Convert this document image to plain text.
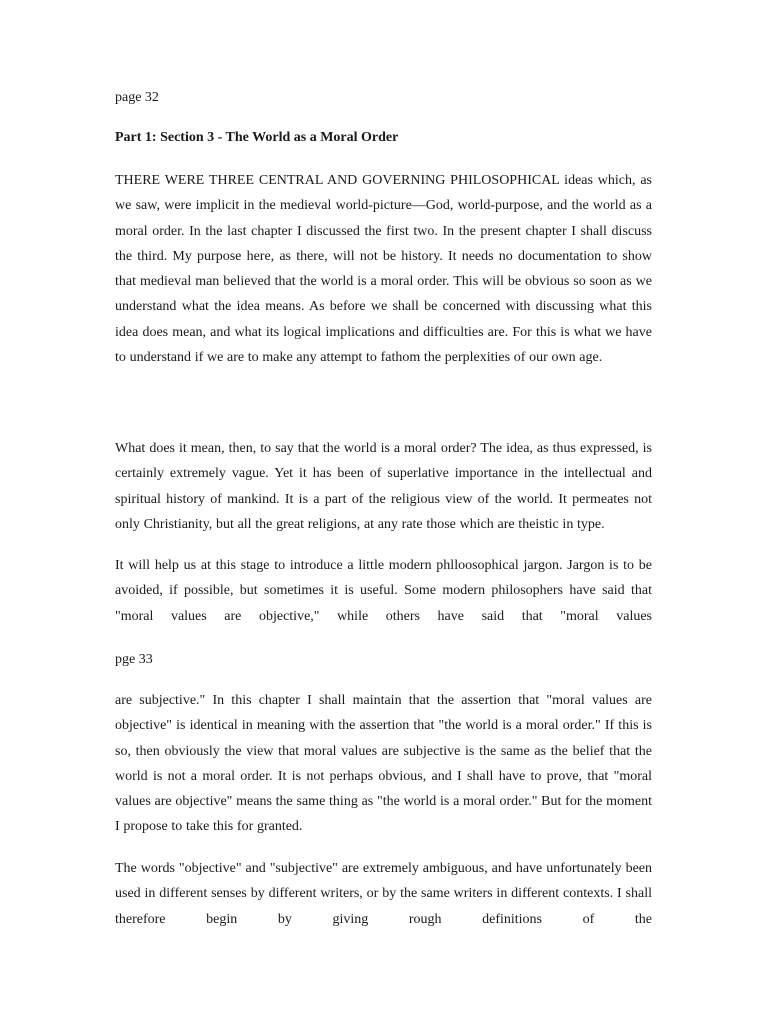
page 32

Part 1: Section 3 - The World as a Moral Order

THERE WERE THREE CENTRAL AND GOVERNING PHILOSOPHICAL ideas which, as we saw, were implicit in the medieval world-picture—God, world-purpose, and the world as a moral order. In the last chapter I discussed the first two. In the present chapter I shall discuss the third. My purpose here, as there, will not be history. It needs no documentation to show that medieval man believed that the world is a moral order. This will be obvious so soon as we understand what the idea means. As before we shall be concerned with discussing what this idea does mean, and what its logical implications and difficulties are. For this is what we have to understand if we are to make any attempt to fathom the perplexities of our own age.

What does it mean, then, to say that the world is a moral order? The idea, as thus expressed, is certainly extremely vague. Yet it has been of superlative importance in the intellectual and spiritual history of mankind. It is a part of the religious view of the world. It permeates not only Christianity, but all the great religions, at any rate those which are theistic in type.

It will help us at this stage to introduce a little modern phlloosophical jargon. Jargon is to be avoided, if possible, but sometimes it is useful. Some modern philosophers have said that "moral values are objective," while others have said that "moral values

pge 33

are subjective." In this chapter I shall maintain that the assertion that "moral values are objective" is identical in meaning with the assertion that "the world is a moral order." If this is so, then obviously the view that moral values are subjective is the same as the belief that the world is not a moral order. It is not perhaps obvious, and I shall have to prove, that "moral values are objective" means the same thing as "the world is a moral order." But for the moment I propose to take this for granted.

The words "objective" and "subjective" are extremely ambiguous, and have unfortunately been used in different senses by different writers, or by the same writers in different contexts. I shall therefore begin by giving rough definitions of the
